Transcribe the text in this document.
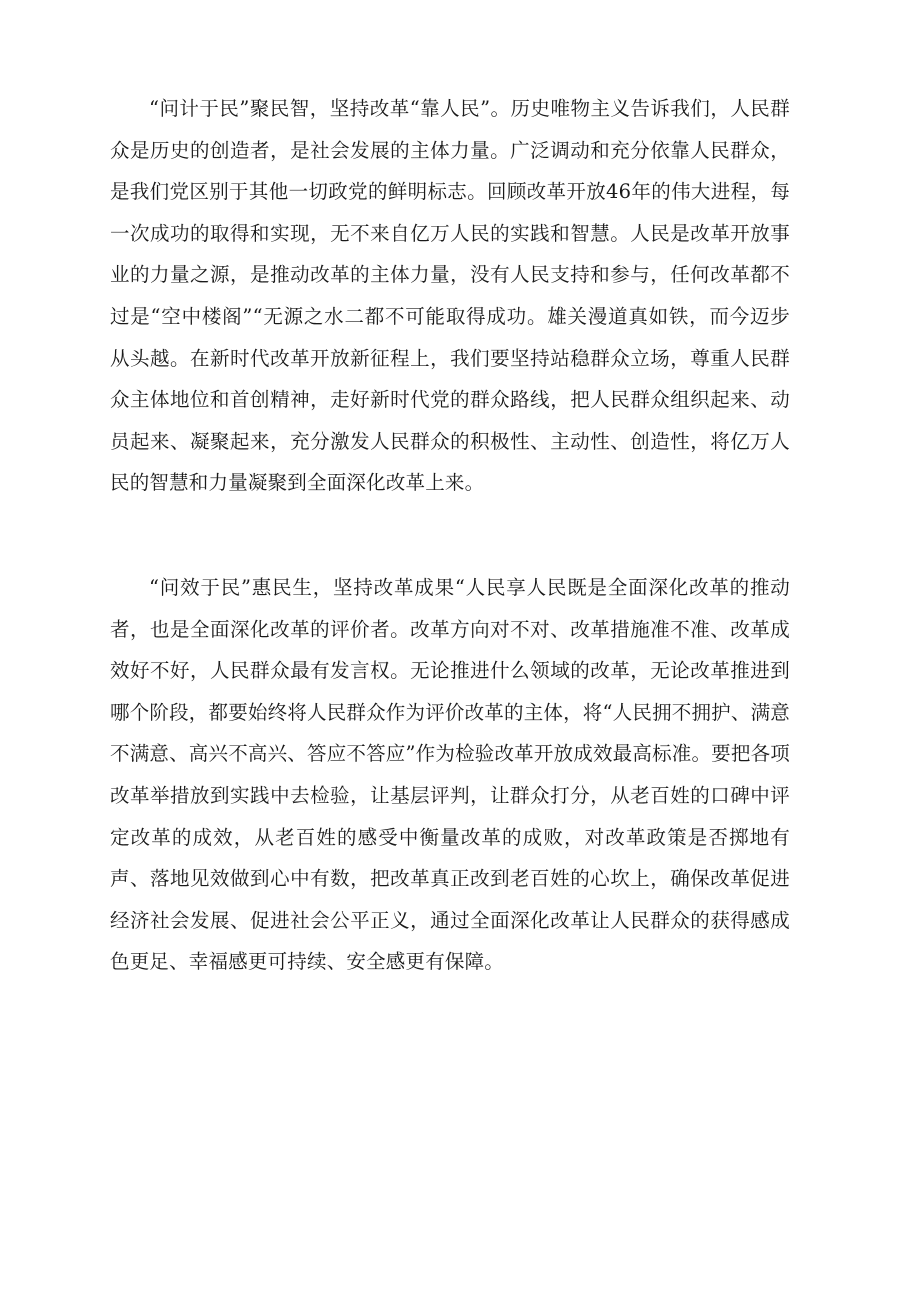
“问计于民”聚民智，坚持改革“靠人民”。历史唯物主义告诉我们，人民群众是历史的创造者，是社会发展的主体力量。广泛调动和充分依靠人民群众，是我们党区别于其他一切政党的鲜明标志。回顾改革开放46年的伟大进程，每一次成功的取得和实现，无不来自亿万人民的实践和智慧。人民是改革开放事业的力量之源，是推动改革的主体力量，没有人民支持和参与，任何改革都不过是“空中楼阁”“无源之水二都不可能取得成功。雄关漫道真如铁，而今迈步从头越。在新时代改革开放新征程上，我们要坚持站稳群众立场，尊重人民群众主体地位和首创精神，走好新时代党的群众路线，把人民群众组织起来、动员起来、凝聚起来，充分激发人民群众的积极性、主动性、创造性，将亿万人民的智慧和力量凝聚到全面深化改革上来。

“问效于民”惠民生，坚持改革成果“人民享人民既是全面深化改革的推动者，也是全面深化改革的评价者。改革方向对不对、改革措施准不准、改革成效好不好，人民群众最有发言权。无论推进什么领域的改革，无论改革推进到哪个阶段，都要始终将人民群众作为评价改革的主体，将“人民拥不拥护、满意不满意、高兴不高兴、答应不答应”作为检验改革开放成效最高标准。要把各项改革举措放到实践中去检验，让基层评判，让群众打分，从老百姓的口碑中评定改革的成效，从老百姓的感受中衡量改革的成败，对改革政策是否掷地有声、落地见效做到心中有数，把改革真正改到老百姓的心坎上，确保改革促进经济社会发展、促进社会公平正义，通过全面深化改革让人民群众的获得感成色更足、幸福感更可持续、安全感更有保障。
